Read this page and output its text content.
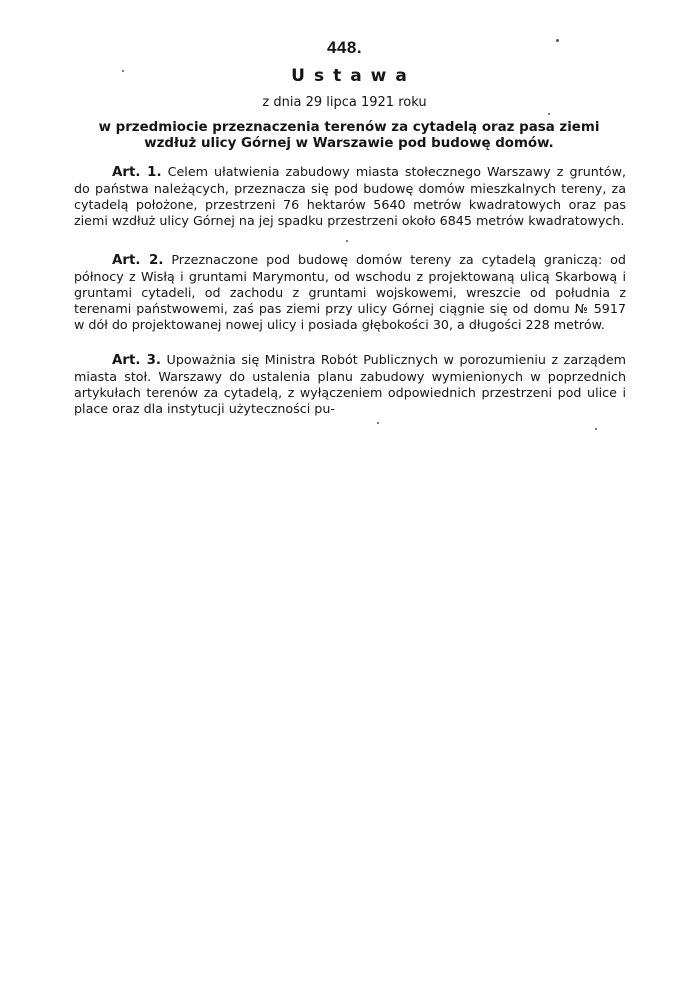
448.
Ustawa
z dnia 29 lipca 1921 roku
w przedmiocie przeznaczenia terenów za cytadelą oraz pasa ziemi wzdłuż ulicy Górnej w Warszawie pod budowę domów.
Art. 1. Celem ułatwienia zabudowy miasta stołecznego Warszawy z gruntów, do państwa należących, przeznacza się pod budowę domów mieszkalnych tereny, za cytadelą położone, przestrzeni 76 hektarów 5640 metrów kwadratowych oraz pas ziemi wzdłuż ulicy Górnej na jej spadku przestrzeni około 6845 metrów kwadratowych.
Art. 2. Przeznaczone pod budowę domów tereny za cytadelą graniczą: od północy z Wisłą i gruntami Marymontu, od wschodu z projektowaną ulicą Skarbową i gruntami cytadeli, od zachodu z gruntami wojskowemi, wreszcie od południa z terenami państwowemi, zaś pas ziemi przy ulicy Górnej ciągnie się od domu № 5917 w dół do projektowanej nowej ulicy i posiada głębokości 30, a długości 228 metrów.
Art. 3. Upoważnia się Ministra Robót Publicznych w porozumieniu z zarządem miasta stoł. Warszawy do ustalenia planu zabudowy wymienionych w poprzednich artykułach terenów za cytadelą, z wyłączeniem odpowiednich przestrzeni pod ulice i place oraz dla instytucji użyteczności pu-
